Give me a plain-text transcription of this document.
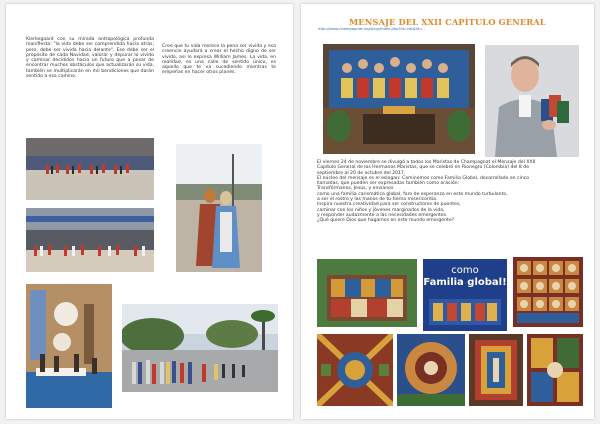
Kierkegaard con su mirada antropológica profunda manifiesta: "la vida debe ser comprendida hacia atrás; pero, debe ser vivida hacia delante". Ese debe ser el propósito de cada Navidad, valorar y depurar lo vivido y caminar decididos hacia un futuro que a pesar de encontrar muchos obstáculos que actualizarán su vida, también se multiplicarán en mil bendiciones que darán sentido a esa camino.
Cree que tu vida merece la pena ser vivida y esa creencie ayudará a crear el hecho digno de ser vivido, así lo expresa William James. La vida, en realidad, es una calle de sentido único, es aquello que te va sucediendo mientras te empeñas en hacer otros planes.
MENSAJE DEL XXII CAPÍTULO GENERAL
http://www.champagnat.org/blog/index.php?id=cat&id=...
El viernes 24 de noviembre se divulgó a todos los Maristas de Champagnat el Mensaje del XXII
Capítulo General de los Hermanos Maristas, que se celebró en Rionegro (Colombia) del 8 de
septiembre al 20 de octubre del 2017.
El núcleo del mensaje es el eslogan: Caminemos como Familia Global, desarrollado en cinco
llamadas, que pueden ser expresadas también como oración:
Transfórmanos, Jesús, y envíanos
como una familia carismática global, faro de esperanza en este mundo turbulento,
a ser el rostro y las manos de tu tierna misericordia.
Inspira nuestra creatividad para ser constructores de puentes,
caminar con los niños y jóvenes marginados de la vida,
y responder audazmente a las necesidades emergentes.
¿Qué quiere Dios que hagamos en este mundo emergente?
como
Familia global!
